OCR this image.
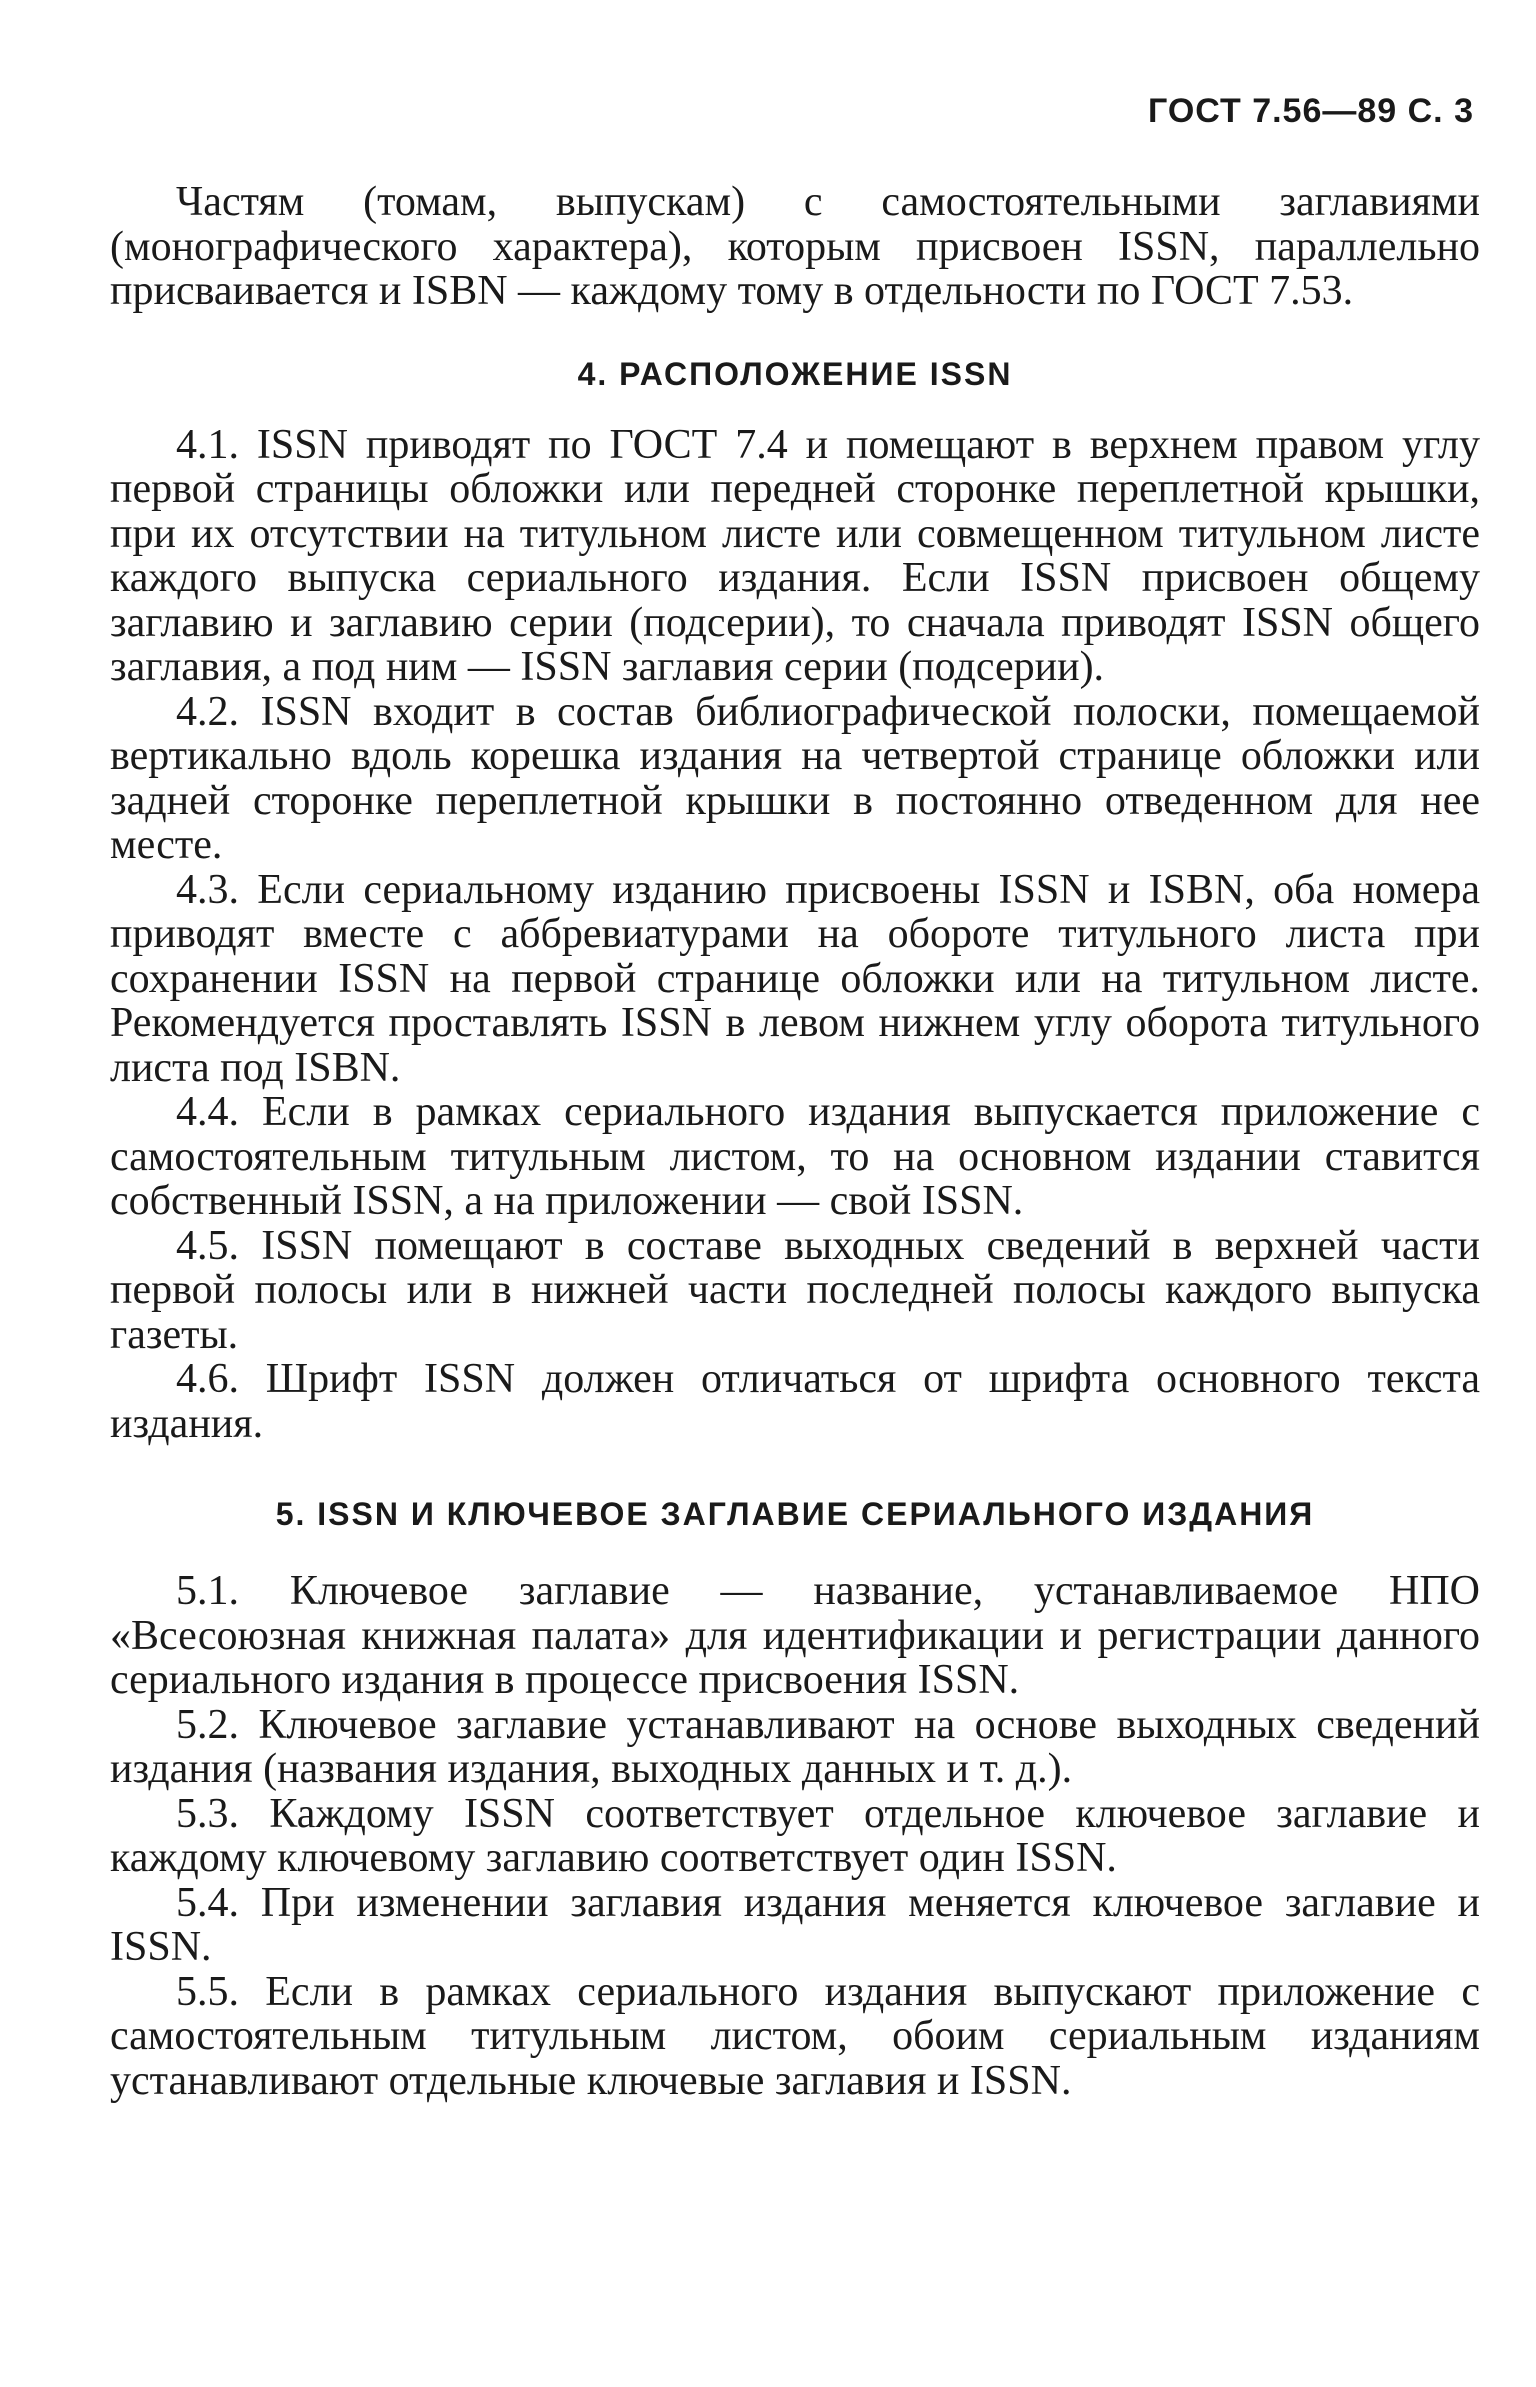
ГОСТ 7.56—89 С. 3

Частям (томам, выпускам) с самостоятельными заглавиями (монографического характера), которым присвоен ISSN, параллельно присваивается и ISBN — каждому тому в отдельности по ГОСТ 7.53.

4. РАСПОЛОЖЕНИЕ ISSN

4.1. ISSN приводят по ГОСТ 7.4 и помещают в верхнем правом углу первой страницы обложки или передней сторонке переплетной крышки, при их отсутствии на титульном листе или совмещенном титульном листе каждого выпуска сериального издания. Если ISSN присвоен общему заглавию и заглавию серии (подсерии), то сначала приводят ISSN общего заглавия, а под ним — ISSN заглавия серии (подсерии).

4.2. ISSN входит в состав библиографической полоски, помещаемой вертикально вдоль корешка издания на четвертой странице обложки или задней сторонке переплетной крышки в постоянно отведенном для нее месте.

4.3. Если сериальному изданию присвоены ISSN и ISBN, оба номера приводят вместе с аббревиатурами на обороте титульного листа при сохранении ISSN на первой странице обложки или на титульном листе. Рекомендуется проставлять ISSN в левом нижнем углу оборота титульного листа под ISBN.

4.4. Если в рамках сериального издания выпускается приложение с самостоятельным титульным листом, то на основном издании ставится собственный ISSN, а на приложении — свой ISSN.

4.5. ISSN помещают в составе выходных сведений в верхней части первой полосы или в нижней части последней полосы каждого выпуска газеты.

4.6. Шрифт ISSN должен отличаться от шрифта основного текста издания.

5. ISSN И КЛЮЧЕВОЕ ЗАГЛАВИЕ СЕРИАЛЬНОГО ИЗДАНИЯ

5.1. Ключевое заглавие — название, устанавливаемое НПО «Всесоюзная книжная палата» для идентификации и регистрации данного сериального издания в процессе присвоения ISSN.

5.2. Ключевое заглавие устанавливают на основе выходных сведений издания (названия издания, выходных данных и т. д.).

5.3. Каждому ISSN соответствует отдельное ключевое заглавие и каждому ключевому заглавию соответствует один ISSN.

5.4. При изменении заглавия издания меняется ключевое заглавие и ISSN.

5.5. Если в рамках сериального издания выпускают приложение с самостоятельным титульным листом, обоим сериальным изданиям устанавливают отдельные ключевые заглавия и ISSN.
